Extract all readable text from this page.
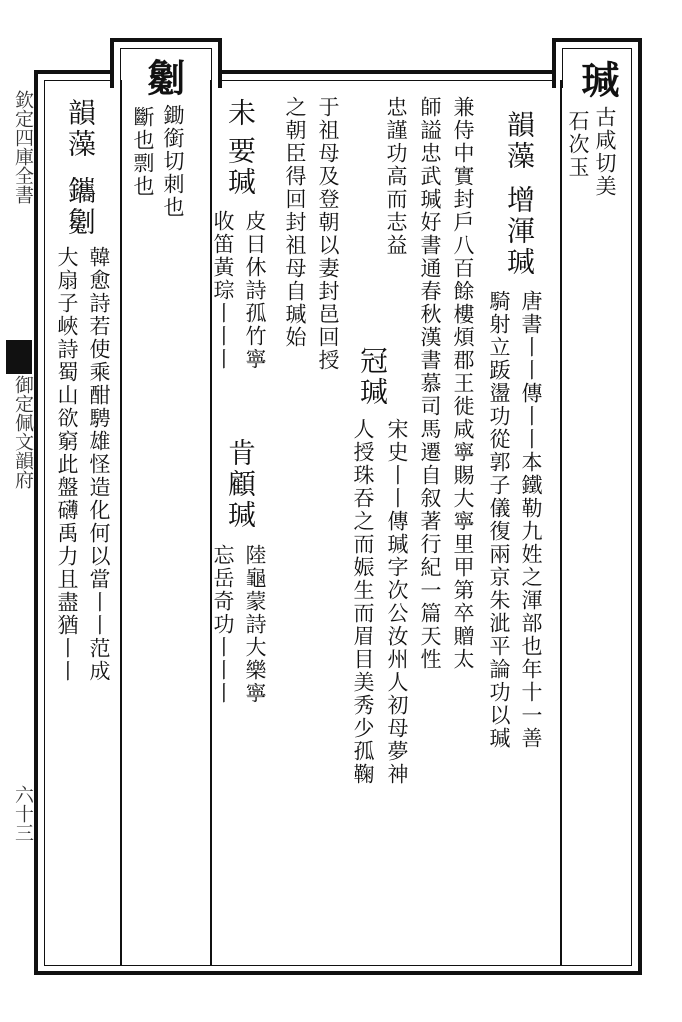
欽定四庫全書
御定佩文韻府
六十三
瑊
古咸切美
石次玉
韻藻
增渾瑊
唐書丨丨傳丨丨本鐵勒九姓之渾部也年十一善
騎射立䟦盪功從郭子儀復兩京朱泚平論功以瑊
兼侍中實封戶八百餘樓煩郡王徙咸寧賜大寧里甲第卒贈太
師謚忠武瑊好書通春秋漢書慕司馬遷自叙著行紀一篇天性
忠謹功高而志益
冠瑊
宋史丨丨傳瑊字次公汝州人初母夢神
人授珠吞之而娠生而眉目美秀少孤鞠
于祖母及登朝以妻封邑回授
之朝臣得回封祖母自瑊始
未
要瑊
皮日休詩孤竹寧
收笛黃琮丨丨丨
肯顧瑊
陸龜蒙詩大樂寧
忘岳奇功丨丨丨
劖
鋤銜切刺也
斷也剽也
韻藻
鑴劖
韓愈詩若使乘酣騁雄怪造化何以當丨丨范成
大扇子峽詩蜀山欲窮此盤礴禹力且盡猶丨丨
